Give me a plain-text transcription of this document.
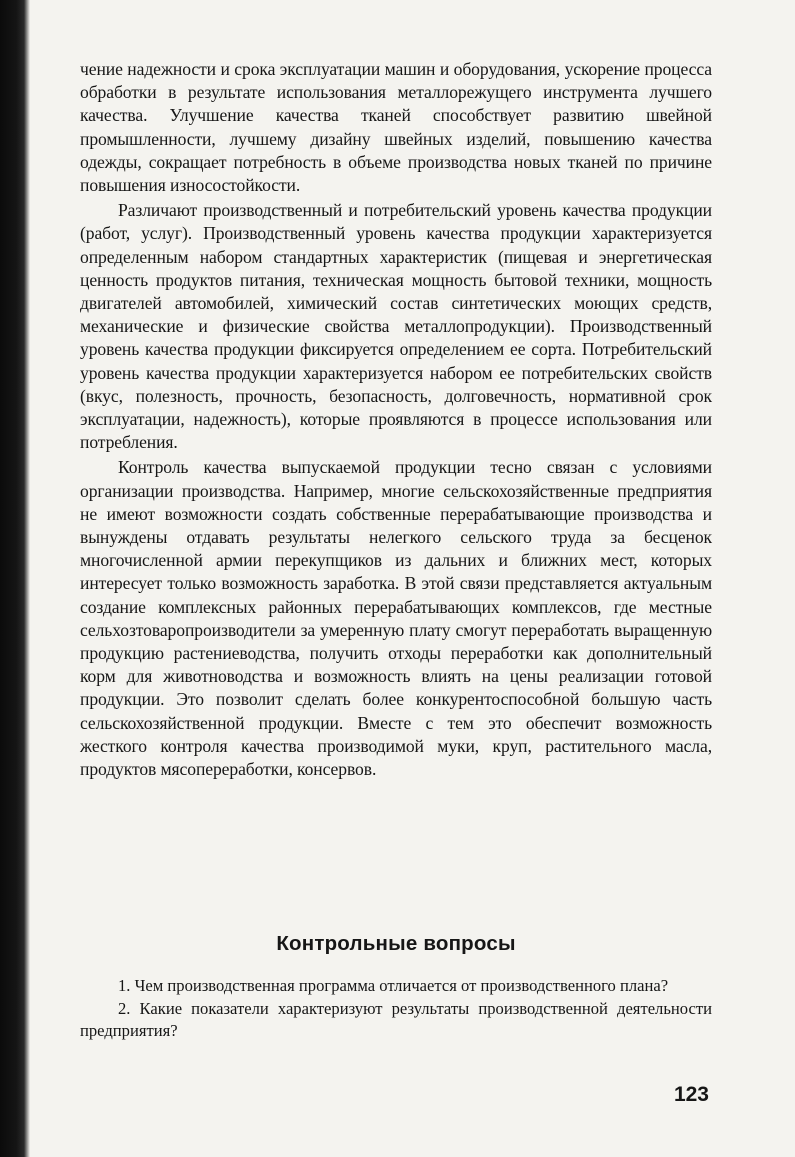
чение надежности и срока эксплуатации машин и оборудования, ускорение процесса обработки в результате использования металлорежущего инструмента лучшего качества. Улучшение качества тканей способствует развитию швейной промышленности, лучшему дизайну швейных изделий, повышению качества одежды, сокращает потребность в объеме производства новых тканей по причине повышения износостойкости.

Различают производственный и потребительский уровень качества продукции (работ, услуг). Производственный уровень качества продукции характеризуется определенным набором стандартных характеристик (пищевая и энергетическая ценность продуктов питания, техническая мощность бытовой техники, мощность двигателей автомобилей, химический состав синтетических моющих средств, механические и физические свойства металлопродукции). Производственный уровень качества продукции фиксируется определением ее сорта. Потребительский уровень качества продукции характеризуется набором ее потребительских свойств (вкус, полезность, прочность, безопасность, долговечность, нормативной срок эксплуатации, надежность), которые проявляются в процессе использования или потребления.

Контроль качества выпускаемой продукции тесно связан с условиями организации производства. Например, многие сельскохозяйственные предприятия не имеют возможности создать собственные перерабатывающие производства и вынуждены отдавать результаты нелегкого сельского труда за бесценок многочисленной армии перекупщиков из дальних и ближних мест, которых интересует только возможность заработка. В этой связи представляется актуальным создание комплексных районных перерабатывающих комплексов, где местные сельхозтоваропроизводители за умеренную плату смогут переработать выращенную продукцию растениеводства, получить отходы переработки как дополнительный корм для животноводства и возможность влиять на цены реализации готовой продукции. Это позволит сделать более конкурентоспособной большую часть сельскохозяйственной продукции. Вместе с тем это обеспечит возможность жесткого контроля качества производимой муки, круп, растительного масла, продуктов мясопереработки, консервов.

Контрольные вопросы

1. Чем производственная программа отличается от производственного плана?

2. Какие показатели характеризуют результаты производственной деятельности предприятия?

123
